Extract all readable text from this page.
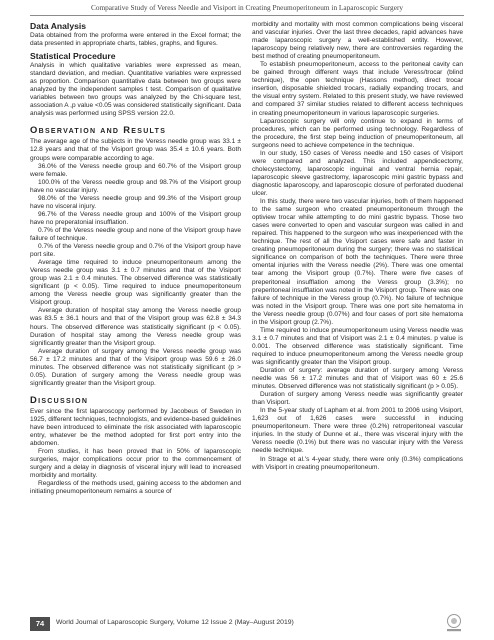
Comparative Study of Veress Needle and Visiport in Creating Pneumoperitoneum in Laparoscopic Surgery
Data Analysis

Data obtained from the proforma were entered in the Excel format; the data presented in appropriate charts, tables, graphs, and figures.

Statistical Procedure

Analysis in which qualitative variables were expressed as mean, standard deviation, and median. Quantitative variables were expressed as proportion. Comparison quantitative data between two groups were analyzed by the independent samples t test. Comparison of qualitative variables between two groups was analyzed by the Chi-square test, association A ,p value <0.05 was considered statistically significant. Data analysis was performed using SPSS version 22.0.

Observation and Results

The average age of the subjects in the Veress needle group was 33.1 ± 12.8 years and that of the Visiport group was 35.4 ± 10.6 years. Both groups were comparable according to age.

36.0% of the Veress needle group and 60.7% of the Visiport group were female.

100.0% of the Veress needle group and 98.7% of the Visiport group have no vascular injury.

98.0% of the Veress needle group and 99.3% of the Visiport group have no visceral injury.

96.7% of the Veress needle group and 100% of the Visiport group have no preperatonial insufflation.

0.7% of the Veress needle group and none of the Visiport group have failure of technique.

0.7% of the Veress needle group and 0.7% of the Visiport group have port site.

Average time required to induce pneumoperitoneum among the Veress needle group was 3.1 ± 0.7 minutes and that of the Visiport group was 2.1 ± 0.4 minutes. The observed difference was statistically significant (p < 0.05). Time required to induce pneumoperitoneum among the Veress needle group was significantly greater than the Visiport group.

Average duration of hospital stay among the Veress needle group was 83.5 ± 36.1 hours and that of the Visiport group was 62.8 ± 34.3 hours. The observed difference was statistically significant (p < 0.05). Duration of hospital stay among the Veress needle group was significantly greater than the Visiport group.

Average duration of surgery among the Veress needle group was 56.7 ± 17.2 minutes and that of the Visiport group was 59.6 ± 26.0 minutes. The observed difference was not statistically significant (p > 0.05). Duration of surgery among the Veress needle group was significantly greater than the Visiport group.

Discussion

Ever since the first laparoscopy performed by Jacobeus of Sweden in 1925, different techniques, technologists, and evidence-based guidelines have been introduced to eliminate the risk associated with laparoscopic entry, whatever be the method adopted for first port entry into the abdomen.

From studies, it has been proved that in 50% of laparoscopic surgeries, major complications occur prior to the commencement of surgery and a delay in diagnosis of visceral injury will lead to increased morbidity and mortality.

Regardless of the methods used, gaining access to the abdomen and initiating pneumoperitoneum remains a source of

morbidity and mortality with most common complications being visceral and vascular injuries. Over the last three decades, rapid advances have made laparoscopic surgery a well-established entity. However, laparoscopy being relatively new, there are controversies regarding the best method of creating pneumoperitoneum.

To establish pneumoperitoneum, access to the peritoneal cavity can be gained through different ways that include Veress/trocar (blind technique), the open technique (Hassons method), direct trocar insertion, disposable shielded trocars, radially expanding trocars, and the visual entry system. Related to this present study, we have reviewed and compared 37 similar studies related to different access techniques in creating pneumoperitoneum in various laparoscopic surgeries.

Laparoscopic surgery will only continue to expand in terms of procedures, which can be performed using technology. Regardless of the procedure, the first step being induction of pneumoperitoneum, all surgeons need to achieve competence in the technique.

In our study, 150 cases of Veress needle and 150 cases of Visiport were compared and analyzed. This included appendicectomy, cholecystectomy, laparoscopic inguinal and ventral hernia repair, laparoscopic sleeve gastrectomy, laparoscopic mini gastric bypass and diagnostic laparoscopy, and laparoscopic closure of perforated duodenal ulcer.

In this study, there were two vascular injuries, both of them happened to the same surgeon who created pneumoperitoneum through the optiview trocar while attempting to do mini gastric bypass. Those two cases were converted to open and vascular surgeon was called in and repaired. This happened to the surgeon who was inexperienced with the technique. The rest of all the Visiport cases were safe and faster in creating pneumoperitoneum during the surgery; there was no statistical significance on comparison of both the techniques. There were three omental injuries with the Veress needle (2%). There was one omental tear among the Visiport group (0.7%). There were five cases of preperitoneal insufflation among the Veress group (3.3%); no preperitoneal insufflation was noted in the Visiport group. There was one failure of technique in the Veress group (0.7%). No failure of technique was noted in the Visiport group. There was one port site hematoma in the Veress needle group (0.07%) and four cases of port site hematoma in the Visiport group (2.7%).

Time required to induce pneumoperitoneum using Veress needle was 3.1 ± 0.7 minutes and that of Visiport was 2.1 ± 0.4 minutes. p value is 0.001. The observed difference was statistically significant. Time required to induce pneumoperitoneum among the Veress needle group was significantly greater than the Visiport group.

Duration of surgery: average duration of surgery among Veress needle was 56 ± 17.2 minutes and that of Visiport was 60 ± 25.6 minutes. Observed difference was not statistically significant (p > 0.05).

Duration of surgery among Veress needle was significantly greater than Visiport.

In the 5-year study of Lapham et al. from 2001 to 2006 using Visiport, 1,623 out of 1,626 cases were successful in inducing pneumoperitoneum. There were three (0.2%) retroperitoneal vascular injuries. In the study of Dunne et al., there was visceral injury with the Veress needle (0.1%) but there was no vascular injury with the Veress needle technique.

In Strage et al.'s 4-year study, there were only (0.3%) complications with Visiport in creating pneumoperitoneum.

74	World Journal of Laparoscopic Surgery, Volume 12 Issue 2 (May–August 2019)
